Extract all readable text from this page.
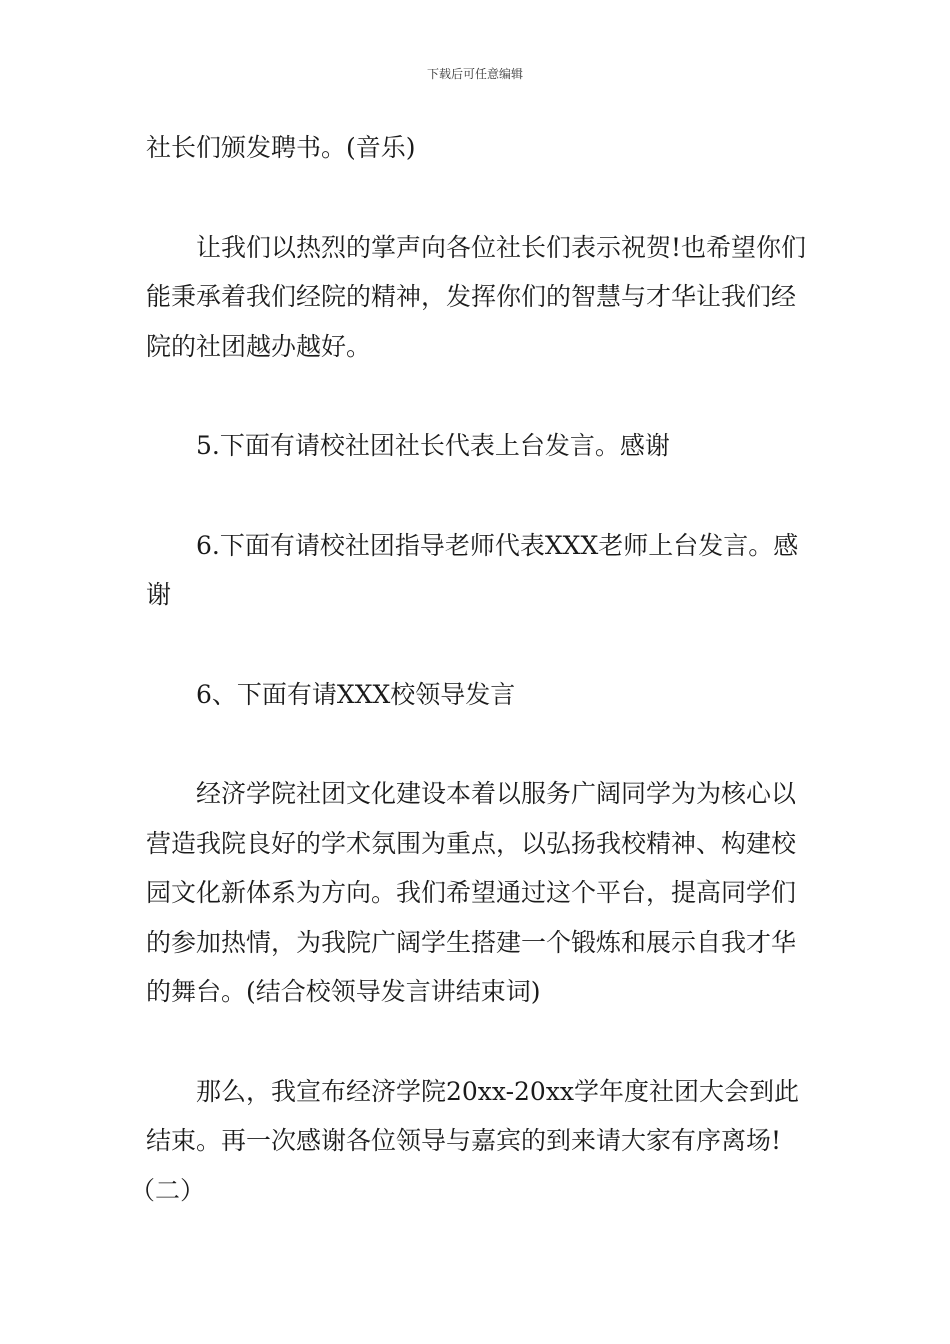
下载后可任意编辑

社长们颁发聘书。(音乐)

让我们以热烈的掌声向各位社长们表示祝贺!也希望你们能秉承着我们经院的精神，发挥你们的智慧与才华让我们经院的社团越办越好。

5.下面有请校社团社长代表上台发言。感谢

6.下面有请校社团指导老师代表XXX老师上台发言。感谢

6、下面有请XXX校领导发言

经济学院社团文化建设本着以服务广阔同学为为核心以营造我院良好的学术氛围为重点，以弘扬我校精神、构建校园文化新体系为方向。我们希望通过这个平台，提高同学们的参加热情，为我院广阔学生搭建一个锻炼和展示自我才华的舞台。(结合校领导发言讲结束词)

那么，我宣布经济学院20xx-20xx学年度社团大会到此结束。再一次感谢各位领导与嘉宾的到来请大家有序离场!

（二）
